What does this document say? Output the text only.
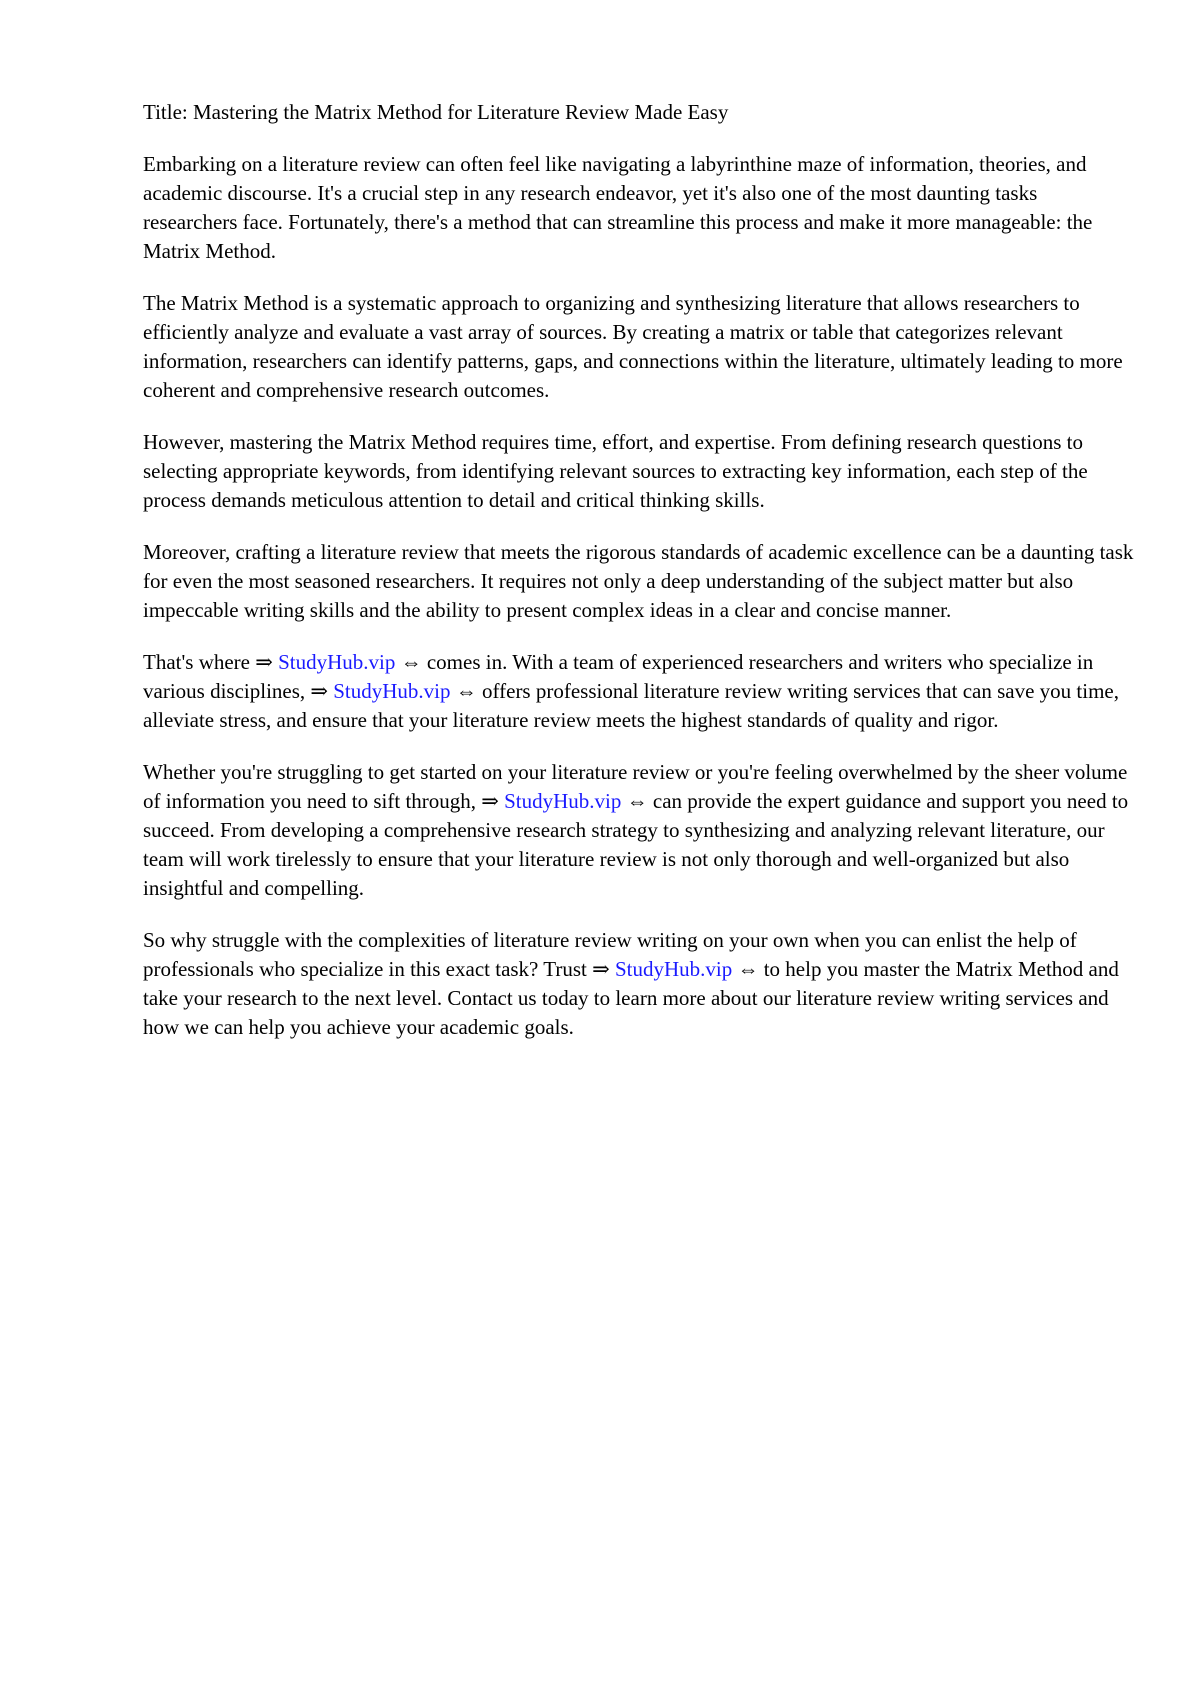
Title: Mastering the Matrix Method for Literature Review Made Easy

Embarking on a literature review can often feel like navigating a labyrinthine maze of information, theories, and academic discourse. It's a crucial step in any research endeavor, yet it's also one of the most daunting tasks researchers face. Fortunately, there's a method that can streamline this process and make it more manageable: the Matrix Method.

The Matrix Method is a systematic approach to organizing and synthesizing literature that allows researchers to efficiently analyze and evaluate a vast array of sources. By creating a matrix or table that categorizes relevant information, researchers can identify patterns, gaps, and connections within the literature, ultimately leading to more coherent and comprehensive research outcomes.

However, mastering the Matrix Method requires time, effort, and expertise. From defining research questions to selecting appropriate keywords, from identifying relevant sources to extracting key information, each step of the process demands meticulous attention to detail and critical thinking skills.

Moreover, crafting a literature review that meets the rigorous standards of academic excellence can be a daunting task for even the most seasoned researchers. It requires not only a deep understanding of the subject matter but also impeccable writing skills and the ability to present complex ideas in a clear and concise manner.

That's where ⇒ StudyHub.vip ⇔ comes in. With a team of experienced researchers and writers who specialize in various disciplines, ⇒ StudyHub.vip ⇔ offers professional literature review writing services that can save you time, alleviate stress, and ensure that your literature review meets the highest standards of quality and rigor.

Whether you're struggling to get started on your literature review or you're feeling overwhelmed by the sheer volume of information you need to sift through, ⇒ StudyHub.vip ⇔ can provide the expert guidance and support you need to succeed. From developing a comprehensive research strategy to synthesizing and analyzing relevant literature, our team will work tirelessly to ensure that your literature review is not only thorough and well-organized but also insightful and compelling.

So why struggle with the complexities of literature review writing on your own when you can enlist the help of professionals who specialize in this exact task? Trust ⇒ StudyHub.vip ⇔ to help you master the Matrix Method and take your research to the next level. Contact us today to learn more about our literature review writing services and how we can help you achieve your academic goals.
